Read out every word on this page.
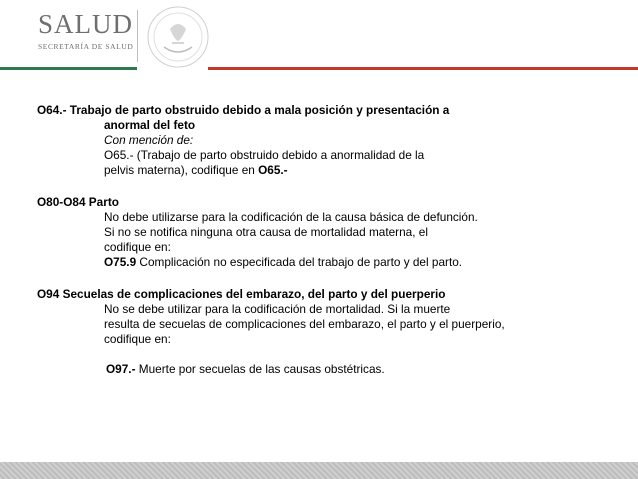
SALUD
SECRETARÍA DE SALUD
O64.- Trabajo de parto obstruido debido a mala posición y presentación a
anormal del feto
Con mención de:
O65.- (Trabajo de parto obstruido debido a anormalidad de la
pelvis materna), codifique en O65.-
O80-O84 Parto
No debe utilizarse para la codificación de la causa básica de defunción.
Si no se notifica ninguna otra causa de mortalidad materna, el
codifique en:
O75.9 Complicación no especificada del trabajo de parto y del parto.
O94 Secuelas de complicaciones del embarazo, del parto y del puerperio
No se debe utilizar para la codificación de mortalidad. Si la muerte
resulta de secuelas de complicaciones del embarazo, el parto y el puerperio,
codifique en:
O97.- Muerte por secuelas de las causas obstétricas.
